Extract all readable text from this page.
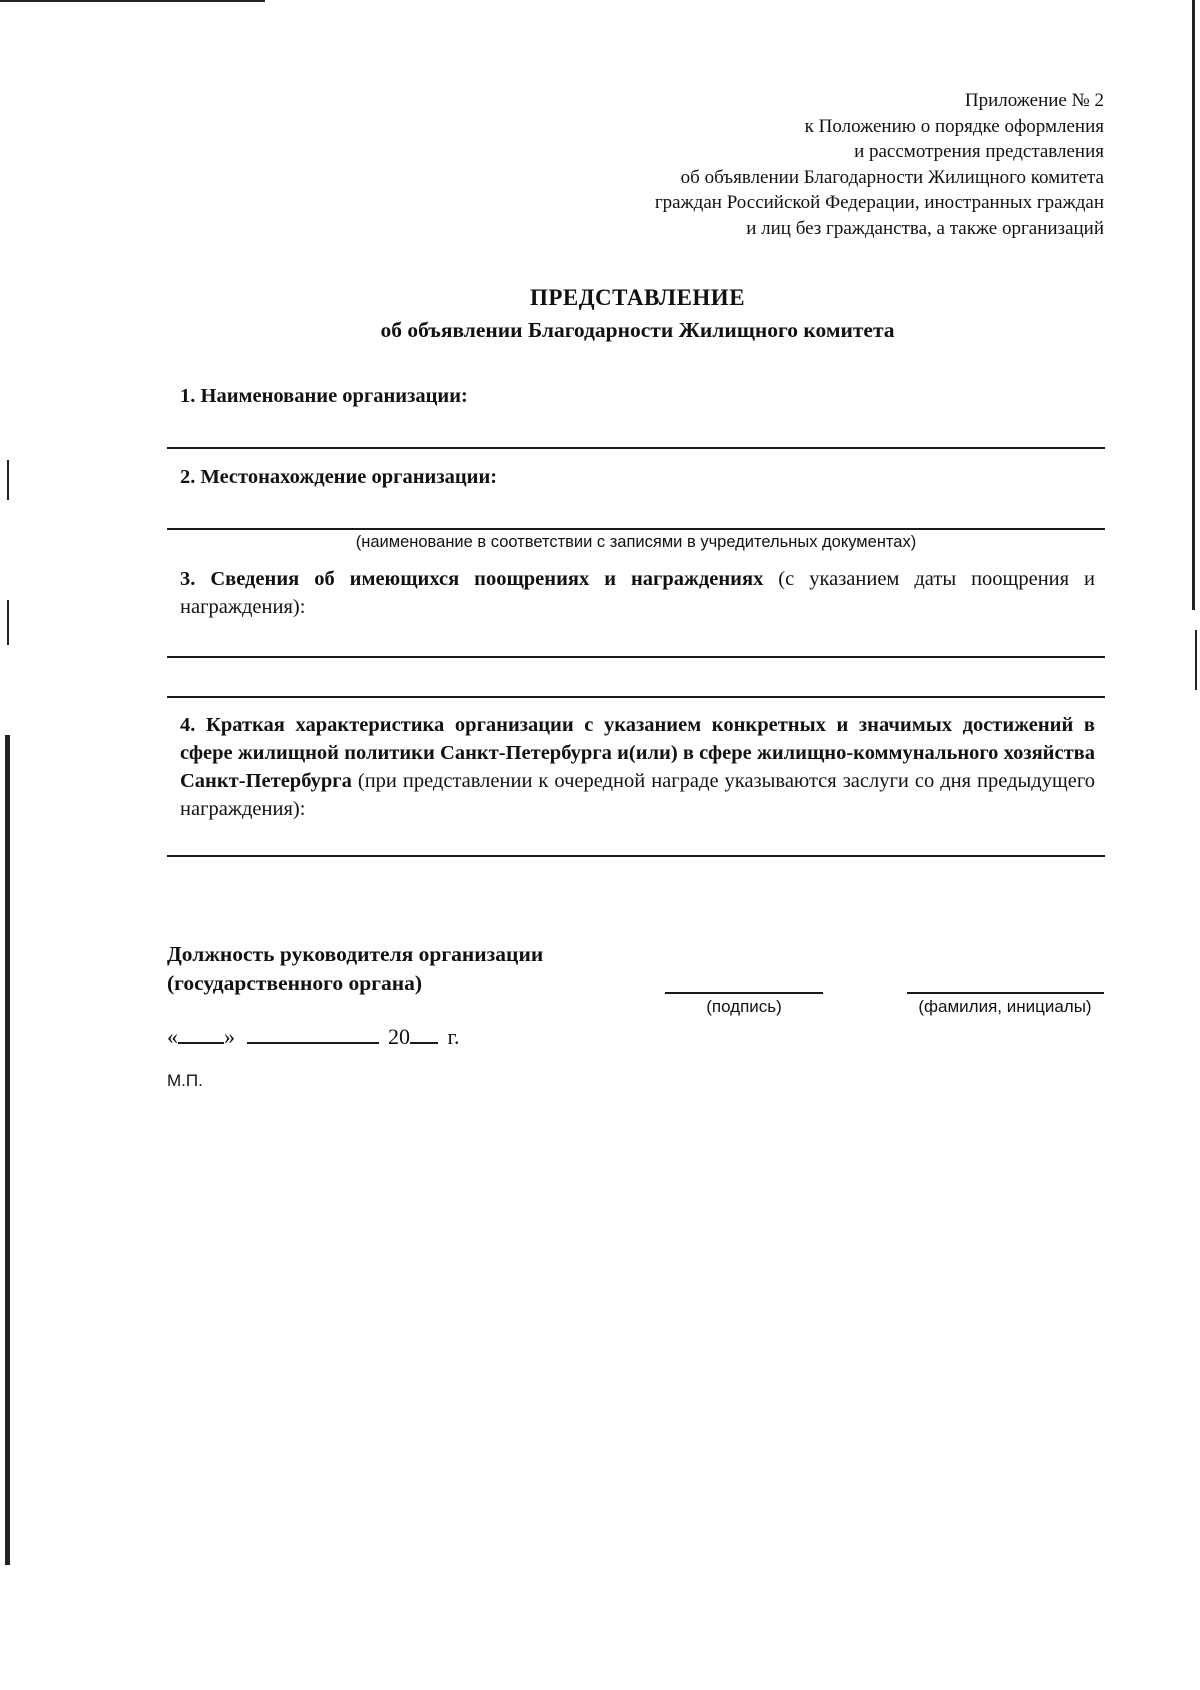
Приложение № 2
к Положению о порядке оформления
и рассмотрения представления
об объявлении Благодарности Жилищного комитета
граждан Российской Федерации, иностранных граждан
и лиц без гражданства, а также организаций
ПРЕДСТАВЛЕНИЕ
об объявлении Благодарности Жилищного комитета
1. Наименование организации:
2. Местонахождение организации:
(наименование в соответствии с записями в учредительных документах)
3. Сведения об имеющихся поощрениях и награждениях (с указанием даты поощрения и награждения):
4. Краткая характеристика организации с указанием конкретных и значимых достижений в сфере жилищной политики Санкт-Петербурга и(или) в сфере жилищно-коммунального хозяйства Санкт-Петербурга (при представлении к очередной награде указываются заслуги со дня предыдущего награждения):
Должность руководителя организации
(государственного органа)
(подпись)	(фамилия, инициалы)
« »	20 г.
М.П.
